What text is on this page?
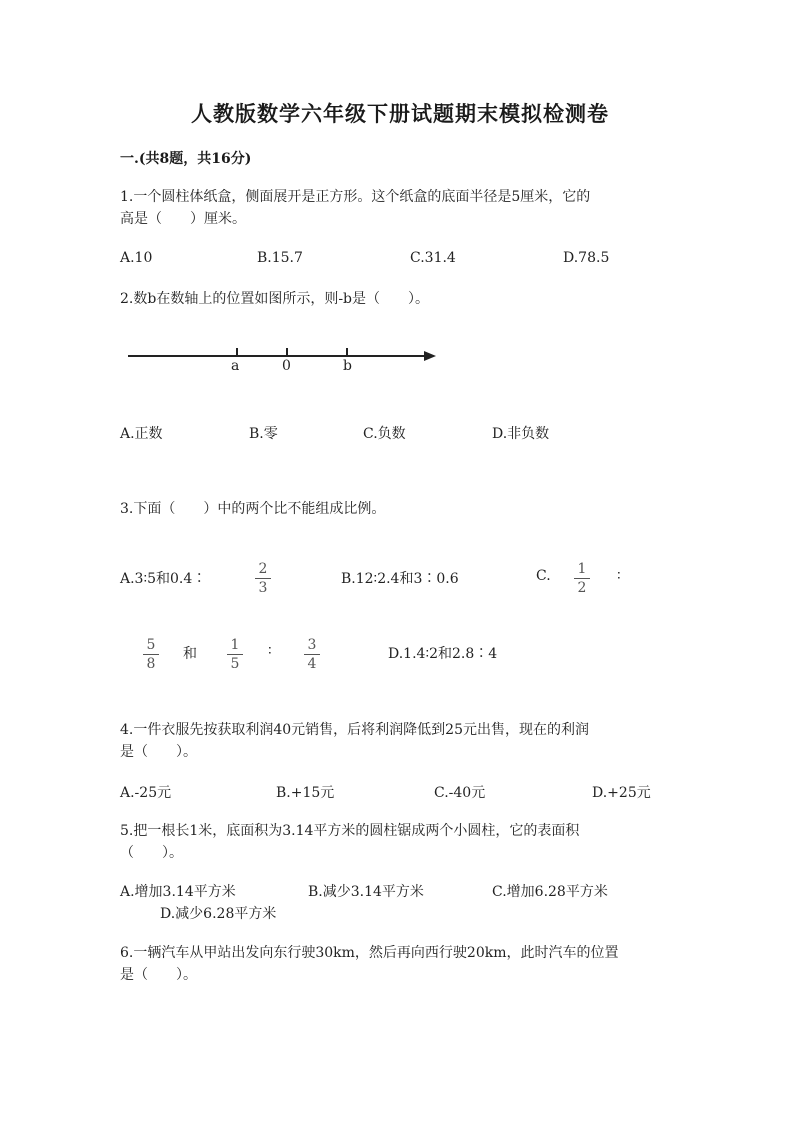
人教版数学六年级下册试题期末模拟检测卷
一.(共8题，共16分)
1.一个圆柱体纸盒，侧面展开是正方形。这个纸盒的底面半径是5厘米，它的
高是（　　）厘米。
A.10	B.15.7	C.31.4	D.78.5
2.数b在数轴上的位置如图所示，则-b是（　　）。
a	0	b
A.正数	B.零	C.负数	D.非负数
3.下面（　　）中的两个比不能组成比例。
A.3∶5和0.4∶
2
3
B.12∶2.4和3∶0.6	C. 1
2
∶
5
8
和
1
5
∶	3
4
D.1.4∶2和2.8∶4
4.一件衣服先按获取利润40元销售，后将利润降低到25元出售，现在的利润
是（　　）。
A.-25元	B.+15元	C.-40元	D.+25元
5.把一根长1米，底面积为3.14平方米的圆柱锯成两个小圆柱，它的表面积
（　　）。
A.增加3.14平方米	B.减少3.14平方米	C.增加6.28平方米
D.减少6.28平方米
6.一辆汽车从甲站出发向东行驶30km，然后再向西行驶20km，此时汽车的位置
是（　　）。
